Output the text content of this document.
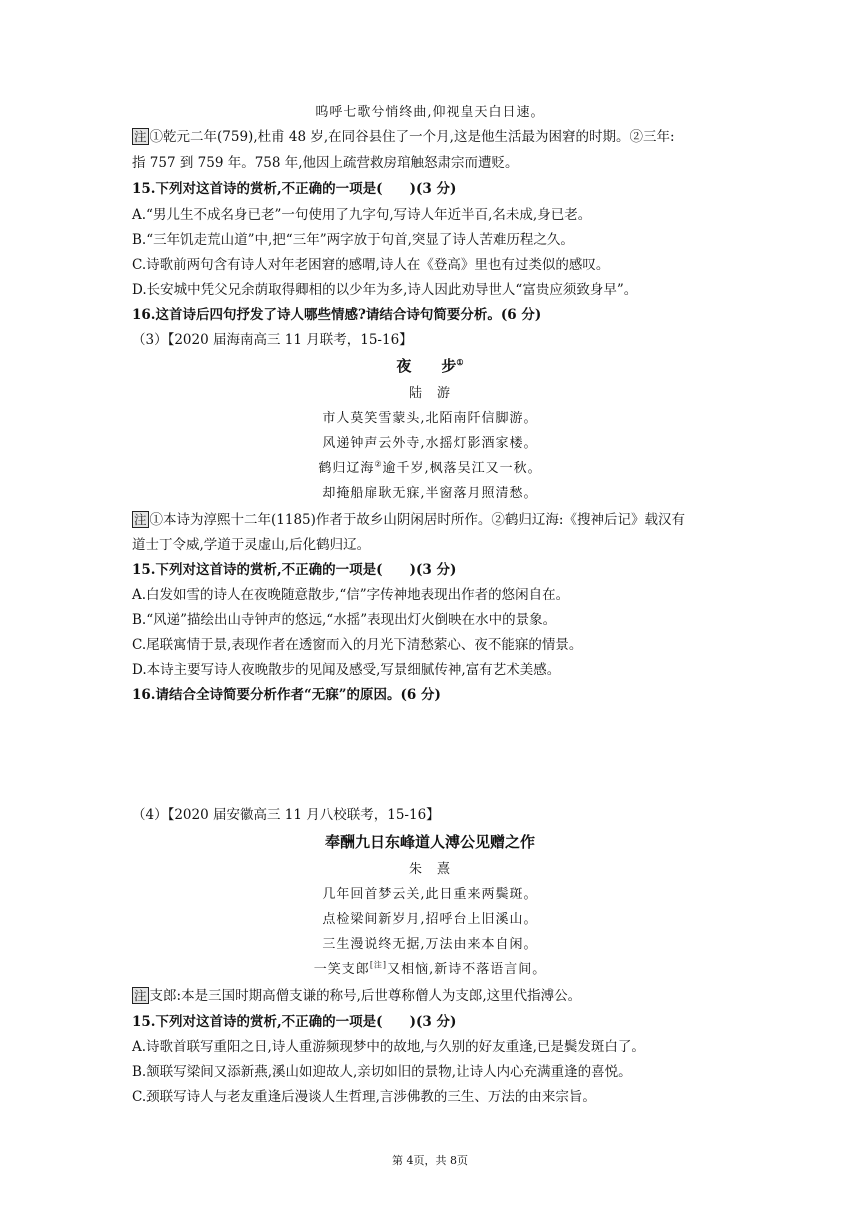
呜呼七歌兮悄终曲,仰视皇天白日速。
注 ①乾元二年(759),杜甫 48 岁,在同谷县住了一个月,这是他生活最为困窘的时期。②三年:
指 757 到 759 年。758 年,他因上疏营救房琯触怒肃宗而遭贬。
15.下列对这首诗的赏析,不正确的一项是(　　)(3 分)
A.“男儿生不成名身已老”一句使用了九字句,写诗人年近半百,名未成,身已老。
B.“三年饥走荒山道”中,把“三年”两字放于句首,突显了诗人苦难历程之久。
C.诗歌前两句含有诗人对年老困窘的感喟,诗人在《登高》里也有过类似的感叹。
D.长安城中凭父兄余荫取得卿相的以少年为多,诗人因此劝导世人“富贵应须致身早”。
16.这首诗后四句抒发了诗人哪些情感?请结合诗句简要分析。(6 分)
（3）【2020 届海南高三 11 月联考，15-16】
夜　　步①
陆　游
市人莫笑雪蒙头,北陌南阡信脚游。
风递钟声云外寺,水摇灯影酒家楼。
鹤归辽海②逾千岁,枫落吴江又一秋。
却掩船扉耿无寐,半窗落月照清愁。
注 ①本诗为淳熙十二年(1185)作者于故乡山阴闲居时所作。②鹤归辽海:《搜神后记》载汉有
道士丁令威,学道于灵虚山,后化鹤归辽。
15.下列对这首诗的赏析,不正确的一项是(　　)(3 分)
A.白发如雪的诗人在夜晚随意散步,“信”字传神地表现出作者的悠闲自在。
B.“风递”描绘出山寺钟声的悠远,“水摇”表现出灯火倒映在水中的景象。
C.尾联寓情于景,表现作者在透窗而入的月光下清愁萦心、夜不能寐的情景。
D.本诗主要写诗人夜晚散步的见闻及感受,写景细腻传神,富有艺术美感。
16.请结合全诗简要分析作者“无寐”的原因。(6 分)
（4）【2020 届安徽高三 11 月八校联考，15-16】
奉酬九日东峰道人溥公见赠之作
朱　熹
几年回首梦云关,此日重来两鬓斑。
点检梁间新岁月,招呼台上旧溪山。
三生漫说终无据,万法由来本自闲。
一笑支郎[注]又相恼,新诗不落语言间。
注 支郎:本是三国时期高僧支谦的称号,后世尊称僧人为支郎,这里代指溥公。
15.下列对这首诗的赏析,不正确的一项是(　　)(3 分)
A.诗歌首联写重阳之日,诗人重游频现梦中的故地,与久别的好友重逢,已是鬓发斑白了。
B.颔联写梁间又添新燕,溪山如迎故人,亲切如旧的景物,让诗人内心充满重逢的喜悦。
C.颈联写诗人与老友重逢后漫谈人生哲理,言涉佛教的三生、万法的由来宗旨。
第 4页，共 8页
